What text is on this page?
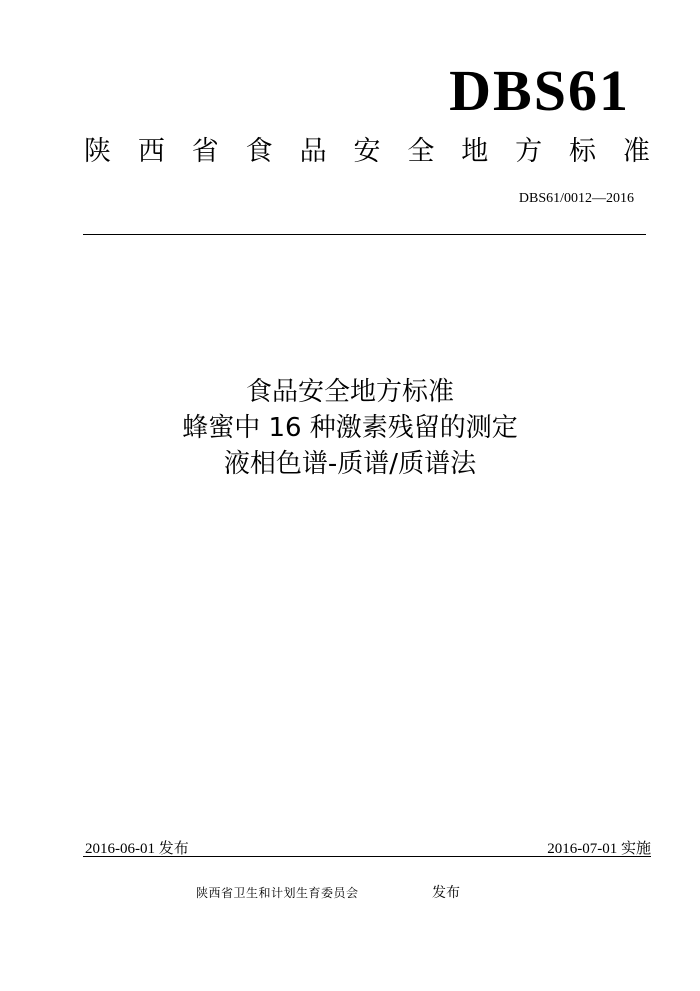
DBS61
陕 西 省 食 品 安 全 地 方 标 准
DBS61/0012—2016
食品安全地方标准
蜂蜜中 16 种激素残留的测定
液相色谱-质谱/质谱法
2016-06-01 发布	2016-07-01 实施
陕西省卫生和计划生育委员会	发布
